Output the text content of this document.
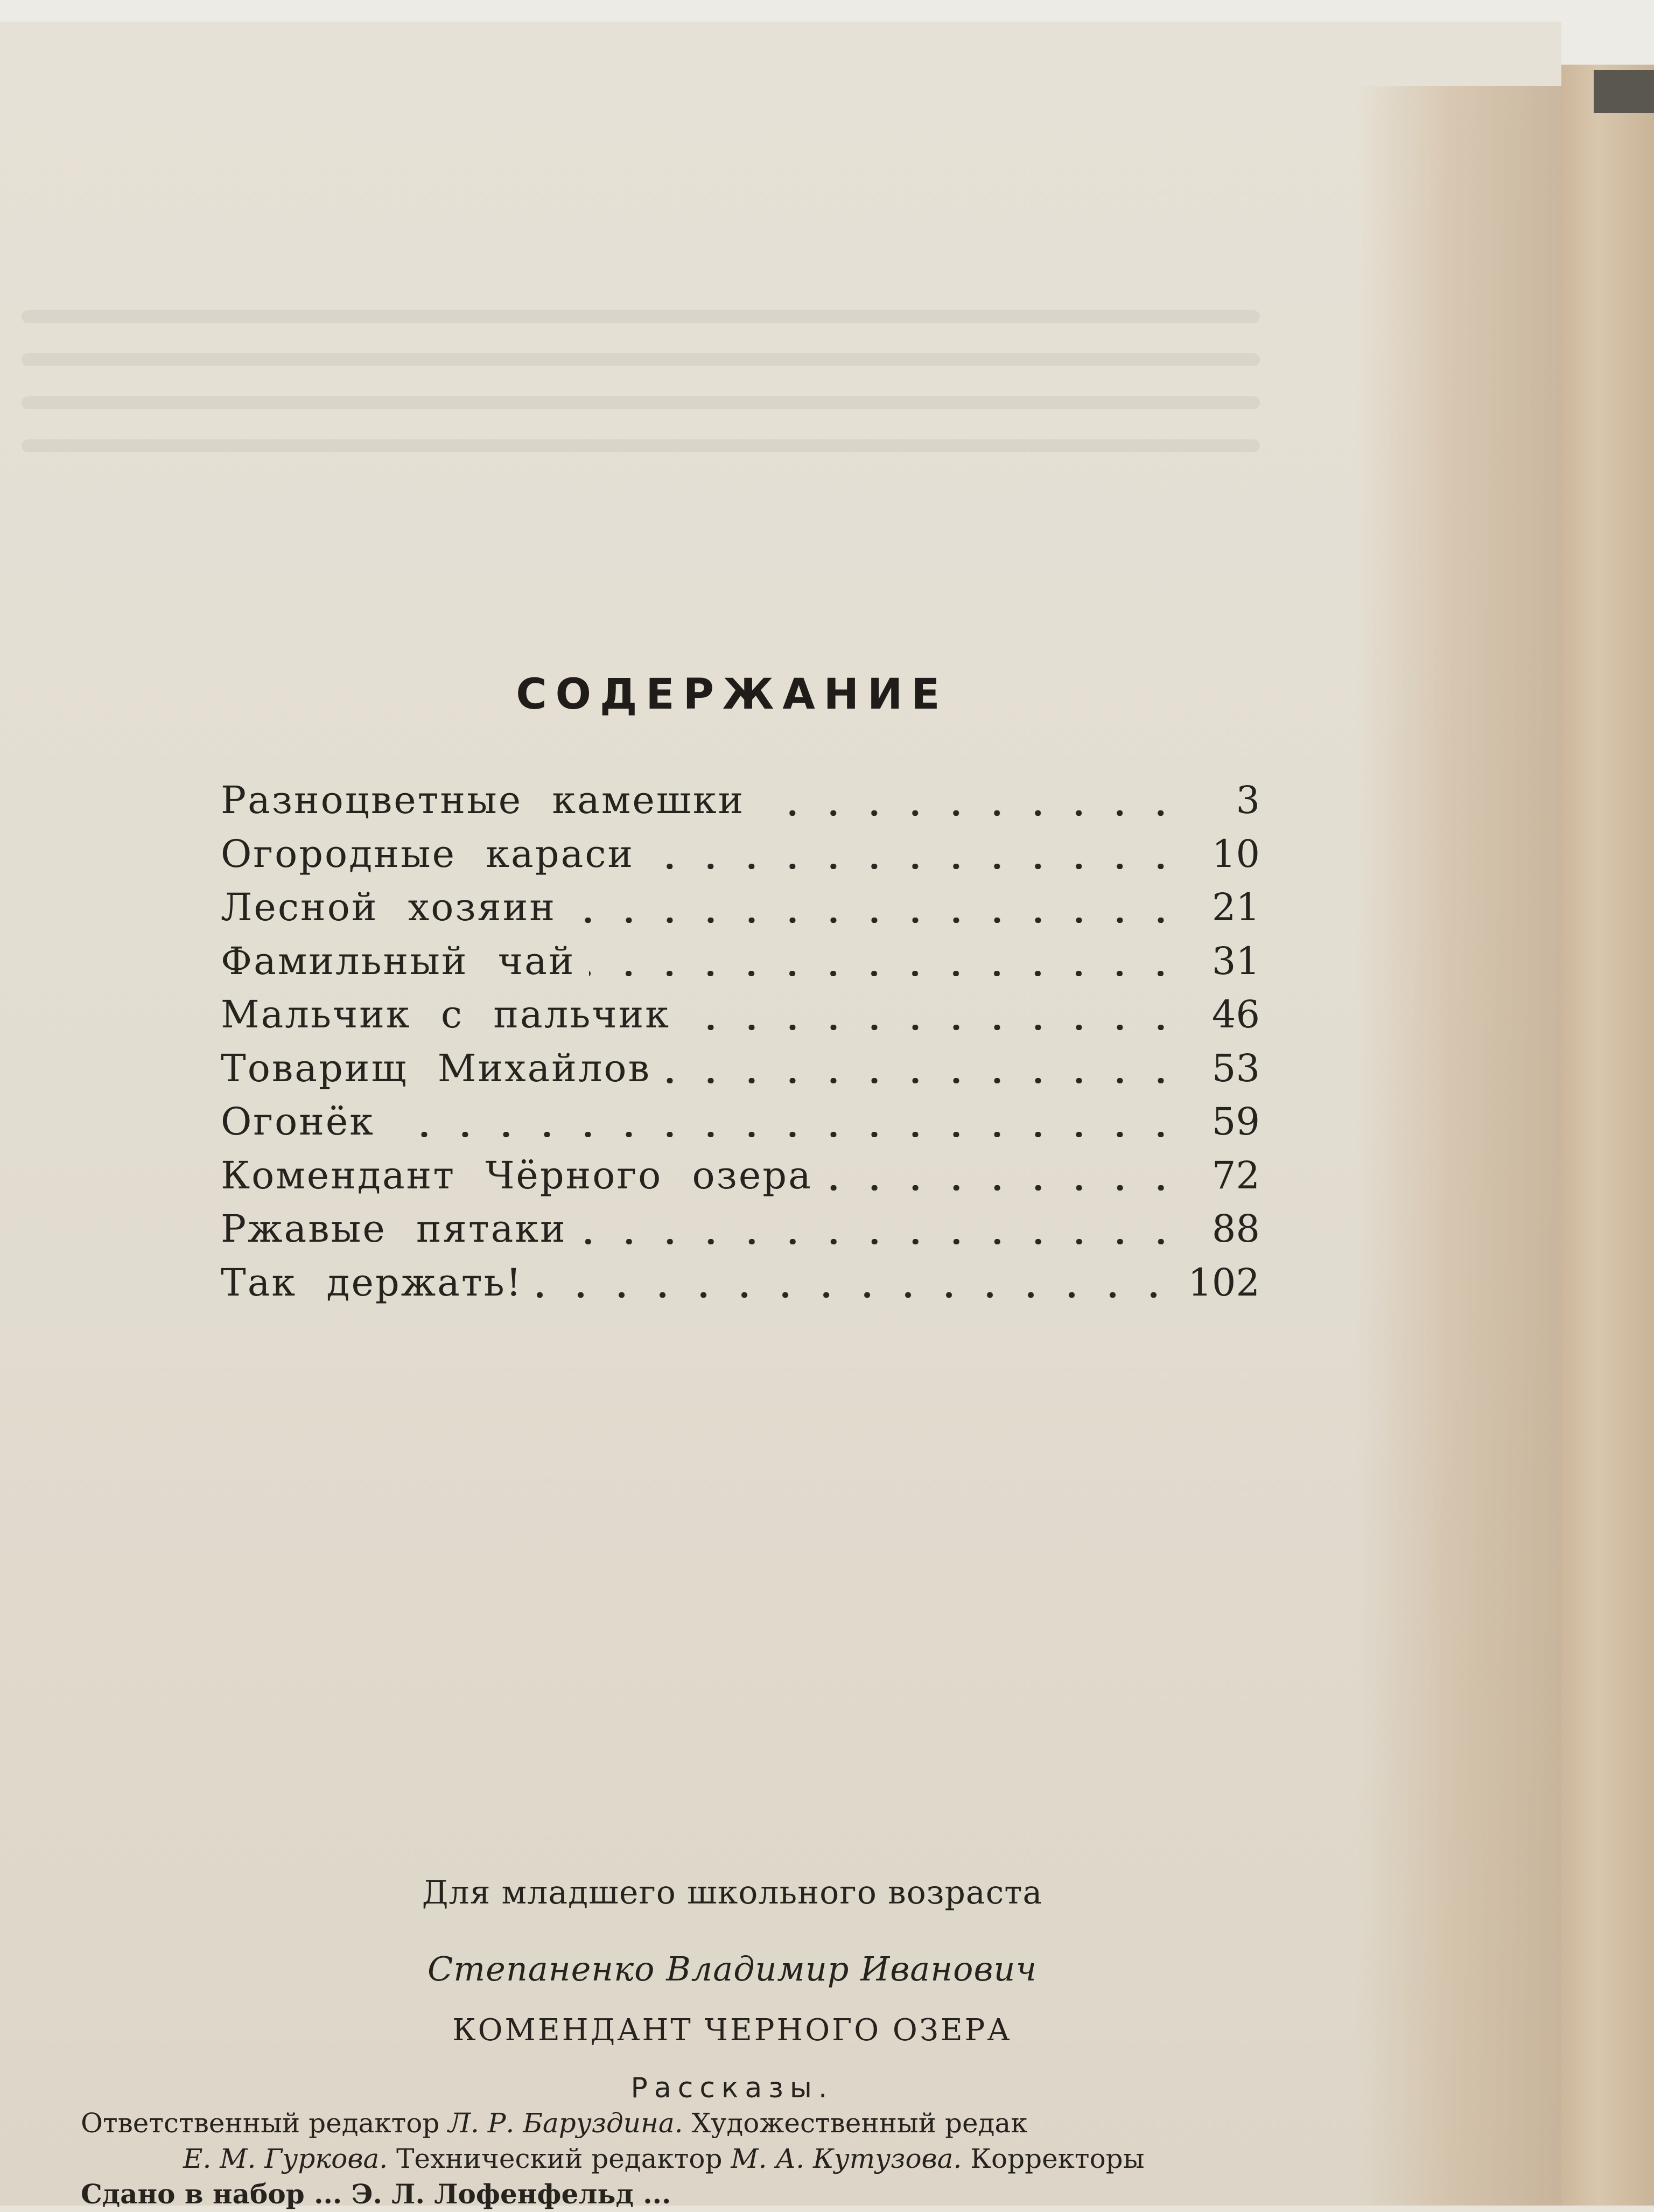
СОДЕРЖАНИЕ
Разноцветные камешки	3
Огородные караси	10
Лесной хозяин	21
Фамильный чай	31
Мальчик с пальчик	46
Товарищ Михайлов	53
Огонёк	59
Комендант Чёрного озера	72
Ржавые пятаки	88
Так держать!	102
Для младшего школьного возраста
Степаненко Владимир Иванович
КОМЕНДАНТ ЧЕРНОГО ОЗЕРА
Рассказы.
Ответственный редактор Л. Р. Баруздина. Художественный редак
Е. М. Гуркова. Технический редактор М. А. Кутузова. Корректоры
Сдано в набор ... Э. Л. Лофенфельд ...
